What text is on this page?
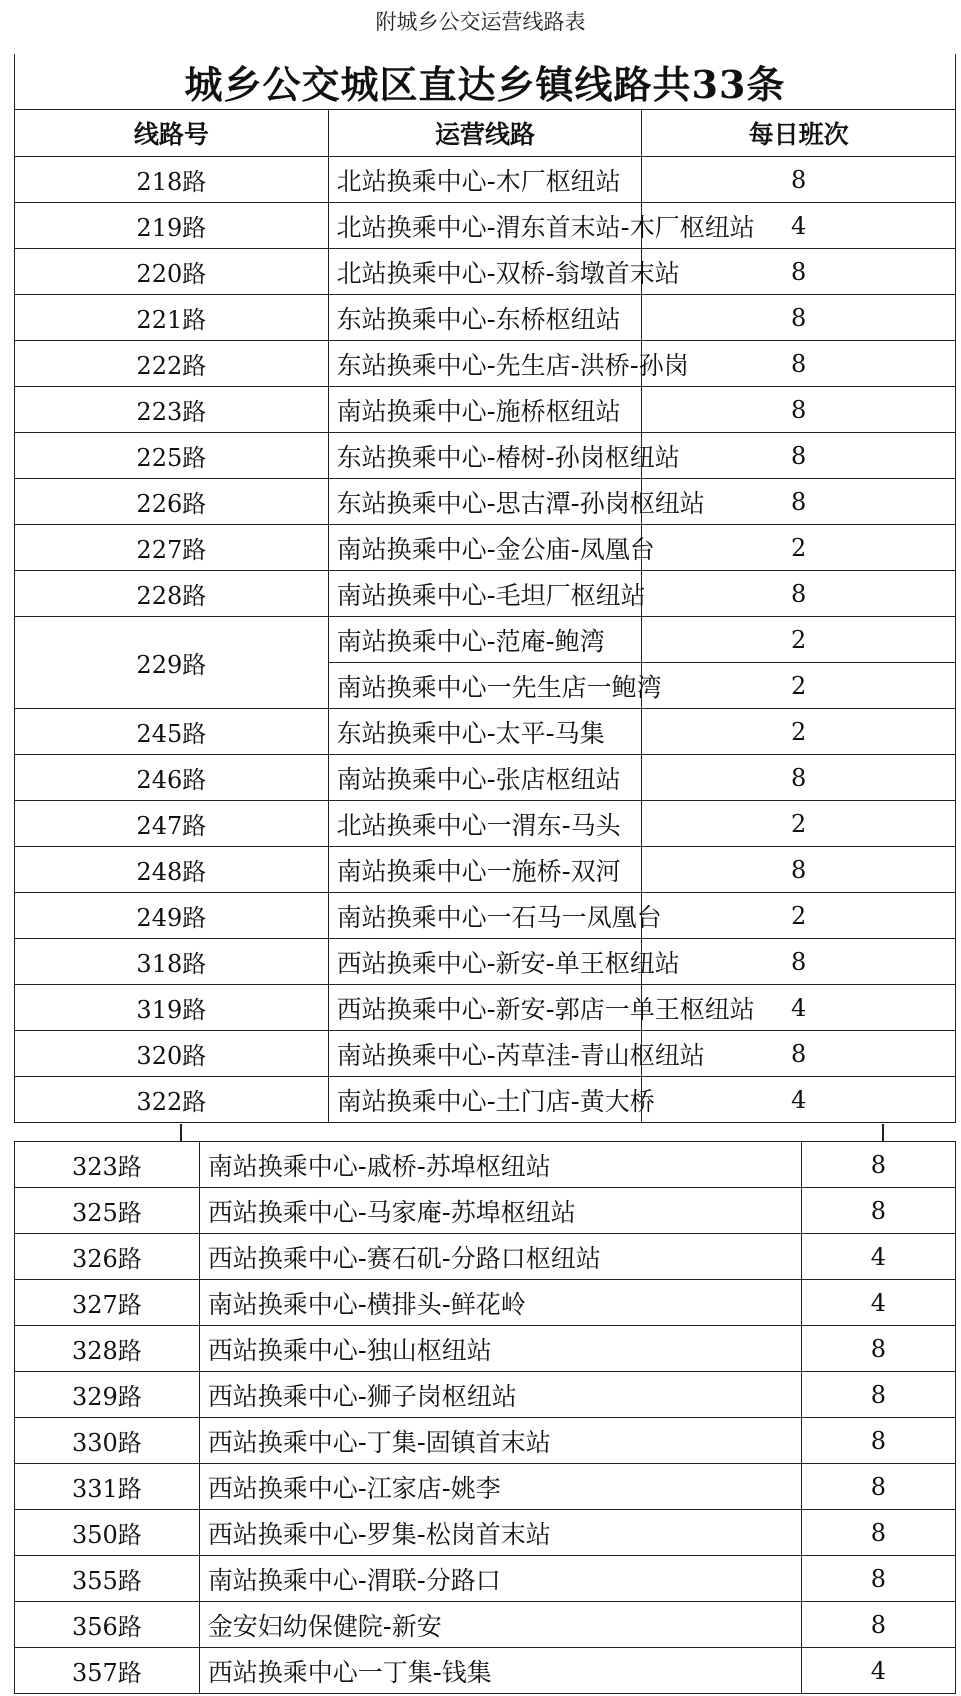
附城乡公交运营线路表
城乡公交城区直达乡镇线路共33条		
线路号	运营线路	每日班次
218路	北站换乘中心-木厂枢纽站	8
219路	北站换乘中心-渭东首末站-木厂枢纽站	4
220路	北站换乘中心-双桥-翁墩首末站	8
221路	东站换乘中心-东桥枢纽站	8
222路	东站换乘中心-先生店-洪桥-孙岗	8
223路	南站换乘中心-施桥枢纽站	8
225路	东站换乘中心-椿树-孙岗枢纽站	8
226路	东站换乘中心-思古潭-孙岗枢纽站	8
227路	南站换乘中心-金公庙-凤凰台	2
228路	南站换乘中心-毛坦厂枢纽站	8
229路	南站换乘中心-范庵-鲍湾	2
	南站换乘中心一先生店一鲍湾	2
245路	东站换乘中心-太平-马集	2
246路	南站换乘中心-张店枢纽站	8
247路	北站换乘中心一渭东-马头	2
248路	南站换乘中心一施桥-双河	8
249路	南站换乘中心一石马一凤凰台	2
318路	西站换乘中心-新安-单王枢纽站	8
319路	西站换乘中心-新安-郭店一单王枢纽站	4
320路	南站换乘中心-芮草洼-青山枢纽站	8
322路	南站换乘中心-土门店-黄大桥	4
323路	南站换乘中心-戚桥-苏埠枢纽站	8
325路	西站换乘中心-马家庵-苏埠枢纽站	8
326路	西站换乘中心-赛石矶-分路口枢纽站	4
327路	南站换乘中心-横排头-鲜花岭	4
328路	西站换乘中心-独山枢纽站	8
329路	西站换乘中心-狮子岗枢纽站	8
330路	西站换乘中心-丁集-固镇首末站	8
331路	西站换乘中心-江家店-姚李	8
350路	西站换乘中心-罗集-松岗首末站	8
355路	南站换乘中心-渭联-分路口	8
356路	金安妇幼保健院-新安	8
357路	西站换乘中心一丁集-钱集	4
